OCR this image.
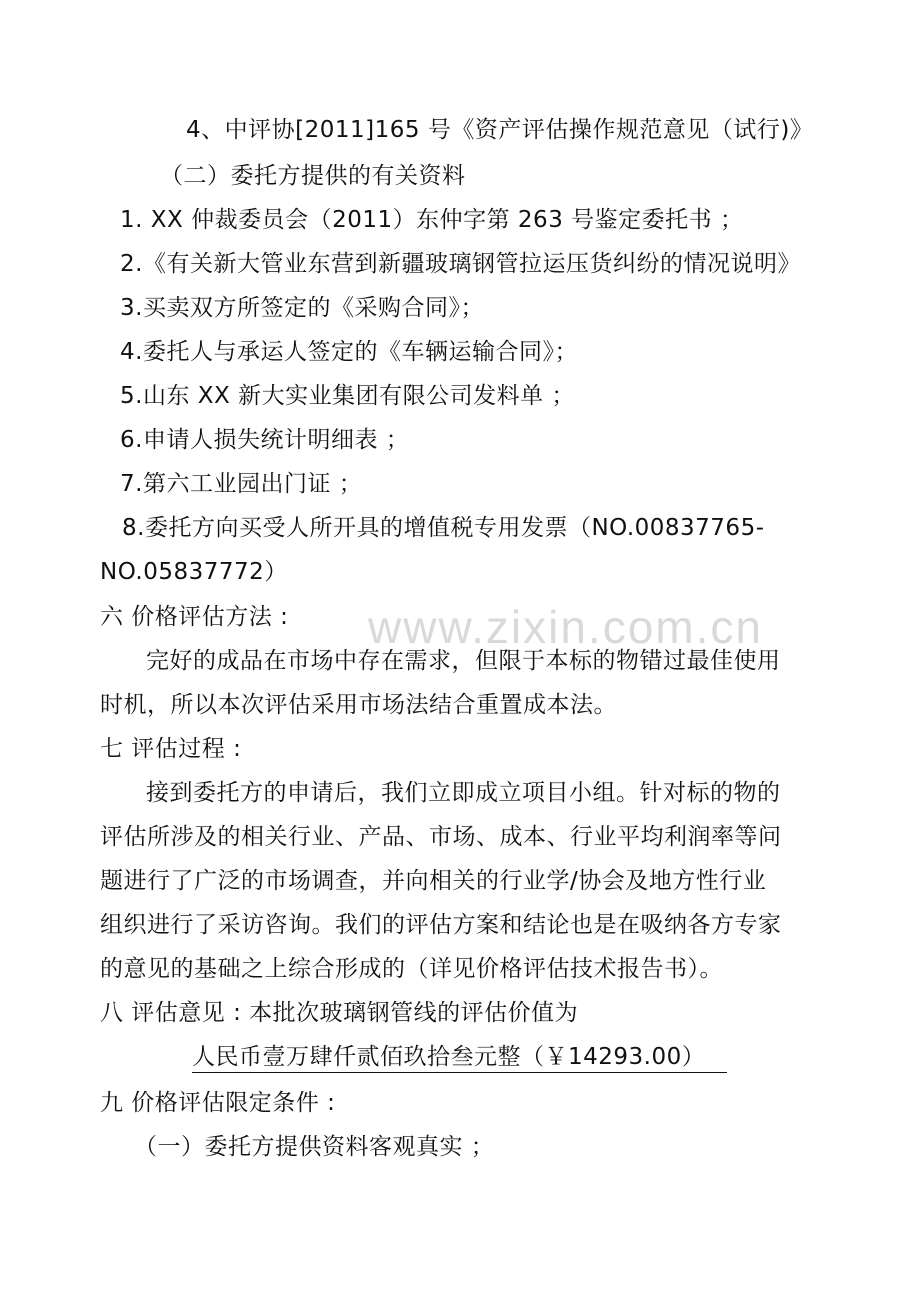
www.zixin.com.cn
4、中评协[2011]165 号《资产评估操作规范意见（试行)》
（二）委托方提供的有关资料
1. XX 仲裁委员会（2011）东仲字第 263 号鉴定委托书 ；
2.《有关新大管业东营到新疆玻璃钢管拉运压货纠纷的情况说明》
3.买卖双方所签定的《采购合同》；
4.委托人与承运人签定的《车辆运输合同》；
5.山东 XX 新大实业集团有限公司发料单 ；
6.申请人损失统计明细表 ；
7.第六工业园出门证 ；
8.委托方向买受人所开具的增值税专用发票（NO.00837765-
NO.05837772）
六 价格评估方法 :
完好的成品在市场中存在需求，但限于本标的物错过最佳使用
时机，所以本次评估采用市场法结合重置成本法。
七 评估过程 :
接到委托方的申请后，我们立即成立项目小组。针对标的物的
评估所涉及的相关行业、产品、市场、成本、行业平均利润率等问
题进行了广泛的市场调查，并向相关的行业学/协会及地方性行业
组织进行了采访咨询。我们的评估方案和结论也是在吸纳各方专家
的意见的基础之上综合形成的（详见价格评估技术报告书）。
八 评估意见 : 本批次玻璃钢管线的评估价值为
人民币壹万肆仟贰佰玖拾叁元整（￥14293.00）
九 价格评估限定条件 :
（一）委托方提供资料客观真实 ；
